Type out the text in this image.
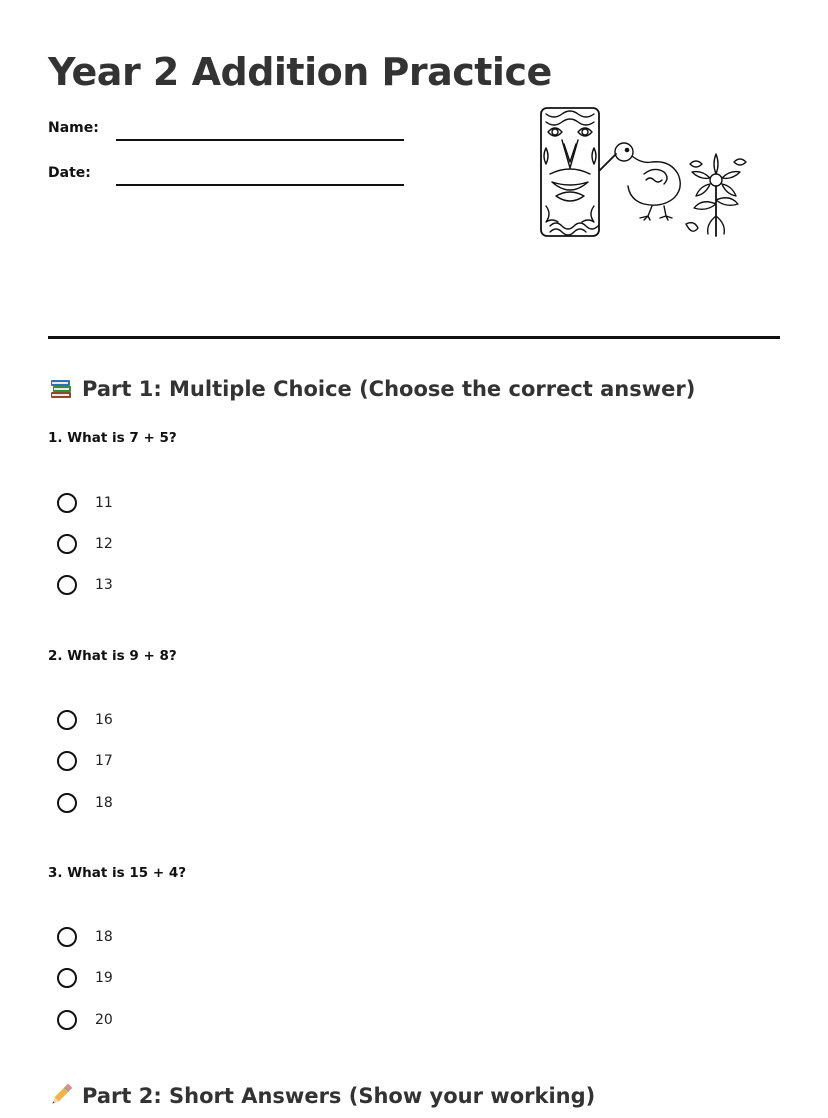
Year 2 Addition Practice
Name:
Date:
Part 1: Multiple Choice (Choose the correct answer)
1. What is 7 + 5?
11
12
13
2. What is 9 + 8?
16
17
18
3. What is 15 + 4?
18
19
20
Part 2: Short Answers (Show your working)
